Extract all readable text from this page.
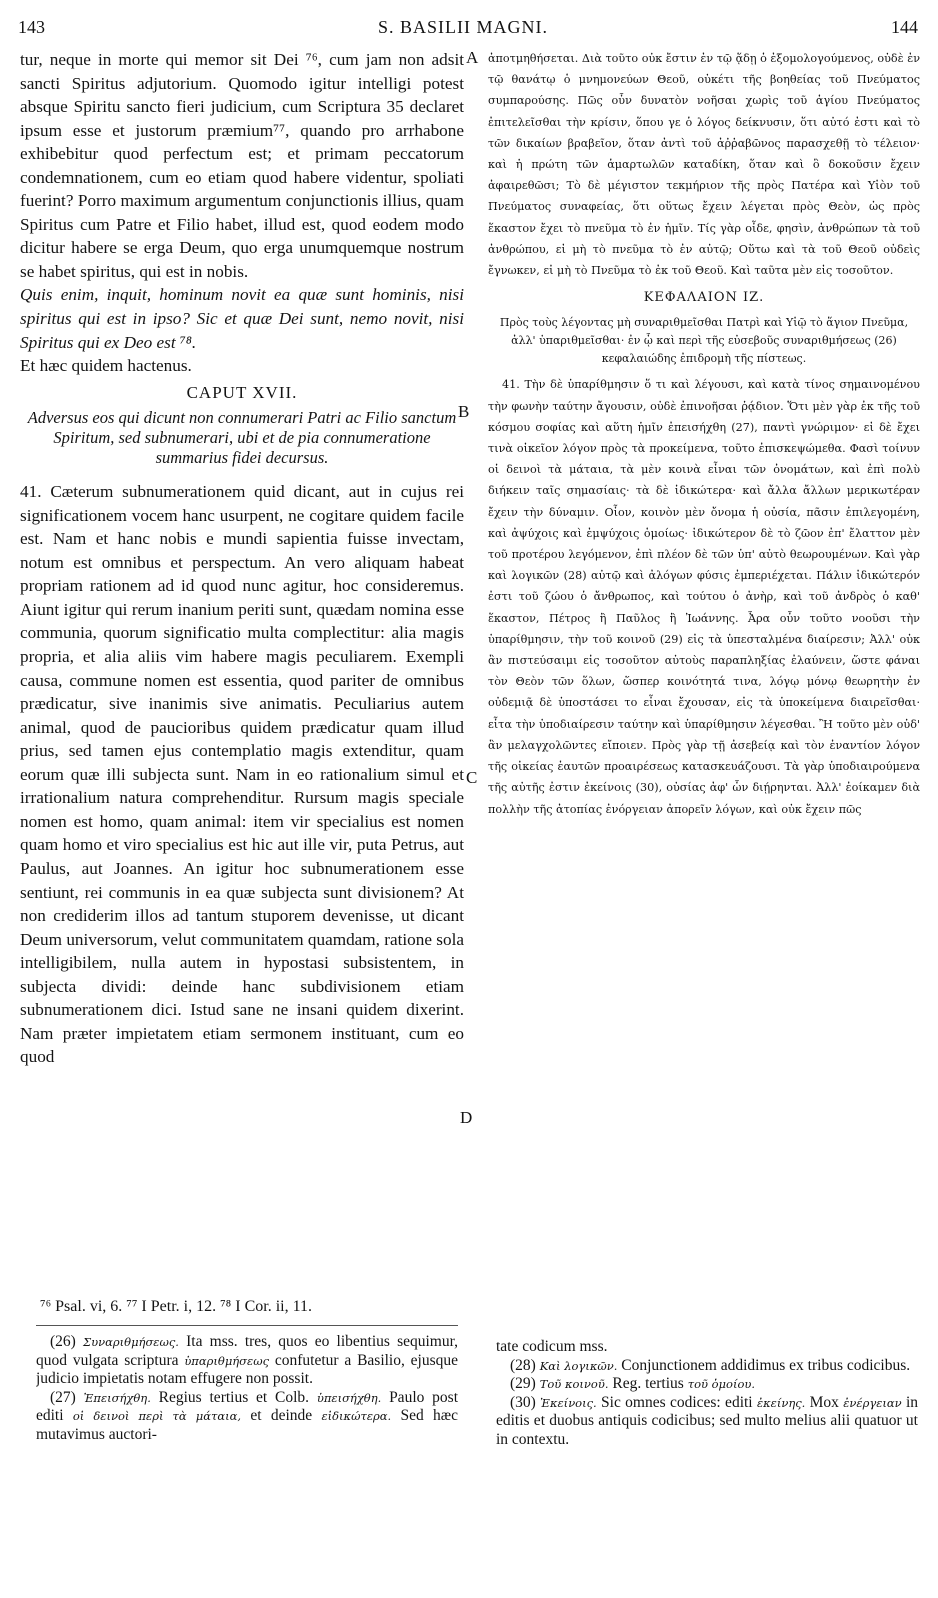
143	S. BASILII MAGNI.	144
A
B
C
D

tur, neque in morte qui memor sit Dei ⁷⁶, cum jam non adsit sancti Spiritus adjutorium. Quomodo igitur intelligi potest absque Spiritu sancto fieri judicium, cum Scriptura 35 declaret ipsum esse et justorum præmium⁷⁷, quando pro arrhabone exhibebitur quod perfectum est; et primam peccatorum condemnationem, cum eo etiam quod habere videntur, spoliati fuerint? Porro maximum argumentum conjunctionis illius, quam Spiritus cum Patre et Filio habet, illud est, quod eodem modo dicitur habere se erga Deum, quo erga unumquemque nostrum se habet spiritus, qui est in nobis.

Quis enim, inquit, hominum novit ea quæ sunt hominis, nisi spiritus qui est in ipso? Sic et quæ Dei sunt, nemo novit, nisi Spiritus qui ex Deo est ⁷⁸.

Et hæc quidem hactenus.

CAPUT XVII.

Adversus eos qui dicunt non connumerari Patri ac Filio sanctum Spiritum, sed subnumerari, ubi et de pia connumeratione summarius fidei decursus.

41. Cæterum subnumerationem quid dicant, aut in cujus rei significationem vocem hanc usurpent, ne cogitare quidem facile est. Nam et hanc nobis e mundi sapientia fuisse invectam, notum est omnibus et perspectum. An vero aliquam habeat propriam rationem ad id quod nunc agitur, hoc consideremus. Aiunt igitur qui rerum inanium periti sunt, quædam nomina esse communia, quorum significatio multa complectitur: alia magis propria, et alia aliis vim habere magis peculiarem. Exempli causa, commune nomen est essentia, quod pariter de omnibus prædicatur, sive inanimis sive animatis. Peculiarius autem animal, quod de paucioribus quidem prædicatur quam illud prius, sed tamen ejus contemplatio magis extenditur, quam eorum quæ illi subjecta sunt. Nam in eo rationalium simul et irrationalium natura comprehenditur. Rursum magis speciale nomen est homo, quam animal: item vir specialius est nomen quam homo et viro specialius est hic aut ille vir, puta Petrus, aut Paulus, aut Joannes. An igitur hoc subnumerationem esse sentiunt, rei communis in ea quæ subjecta sunt divisionem? At non crediderim illos ad tantum stuporem devenisse, ut dicant Deum universorum, velut communitatem quamdam, ratione sola intelligibilem, nulla autem in hypostasi subsistentem, in subjecta dividi: deinde hanc subdivisionem etiam subnumerationem dici. Istud sane ne insani quidem dixerint. Nam præter impietatem etiam sermonem instituant, cum eo quod

ἀποτμηθήσεται. Διὰ τοῦτο οὐκ ἔστιν ἐν τῷ ᾅδῃ ὁ ἐξομολογούμενος, οὐδὲ ἐν τῷ θανάτῳ ὁ μνημονεύων Θεοῦ, οὐκέτι τῆς βοηθείας τοῦ Πνεύματος συμπαρούσης. Πῶς οὖν δυνατὸν νοῆσαι χωρὶς τοῦ ἁγίου Πνεύματος ἐπιτελεῖσθαι τὴν κρίσιν, ὅπου γε ὁ λόγος δείκνυσιν, ὅτι αὐτό ἐστι καὶ τὸ τῶν δικαίων βραβεῖον, ὅταν ἀντὶ τοῦ ἀῤῥαβῶνος παρασχεθῇ τὸ τέλειον· καὶ ἡ πρώτη τῶν ἁμαρτωλῶν καταδίκη, ὅταν καὶ ὃ δοκοῦσιν ἔχειν ἀφαιρεθῶσι; Τὸ δὲ μέγιστον τεκμήριον τῆς πρὸς Πατέρα καὶ Υἱὸν τοῦ Πνεύματος συναφείας, ὅτι οὕτως ἔχειν λέγεται πρὸς Θεὸν, ὡς πρὸς ἕκαστον ἔχει τὸ πνεῦμα τὸ ἐν ἡμῖν. Τίς γὰρ οἶδε, φησὶν, ἀνθρώπων τὰ τοῦ ἀνθρώπου, εἰ μὴ τὸ πνεῦμα τὸ ἐν αὐτῷ; Οὕτω καὶ τὰ τοῦ Θεοῦ οὐδεὶς ἔγνωκεν, εἰ μὴ τὸ Πνεῦμα τὸ ἐκ τοῦ Θεοῦ. Καὶ ταῦτα μὲν εἰς τοσοῦτον.

ΚΕΦΑΛΑΙΟΝ ΙΖ.

Πρὸς τοὺς λέγοντας μὴ συναριθμεῖσθαι Πατρὶ καὶ Υἱῷ τὸ ἅγιον Πνεῦμα, ἀλλ' ὑπαριθμεῖσθαι· ἐν ᾧ καὶ περὶ τῆς εὐσεβοῦς συναριθμήσεως (26) κεφαλαιώδης ἐπιδρομὴ τῆς πίστεως.

41. Τὴν δὲ ὑπαρίθμησιν ὅ τι καὶ λέγουσι, καὶ κατὰ τίνος σημαινομένου τὴν φωνὴν ταύτην ἄγουσιν, οὐδὲ ἐπινοῆσαι ῥᾴδιον. Ὅτι μὲν γὰρ ἐκ τῆς τοῦ κόσμου σοφίας καὶ αὕτη ἡμῖν ἐπεισήχθη (27), παντὶ γνώριμον· εἰ δὲ ἔχει τινὰ οἰκεῖον λόγον πρὸς τὰ προκείμενα, τοῦτο ἐπισκεψώμεθα. Φασὶ τοίνυν οἱ δεινοὶ τὰ μάταια, τὰ μὲν κοινὰ εἶναι τῶν ὀνομάτων, καὶ ἐπὶ πολὺ διήκειν ταῖς σημασίαις· τὰ δὲ ἰδικώτερα· καὶ ἄλλα ἄλλων μερικωτέραν ἔχειν τὴν δύναμιν. Οἷον, κοινὸν μὲν ὄνομα ἡ οὐσία, πᾶσιν ἐπιλεγομένη, καὶ ἀψύχοις καὶ ἐμψύχοις ὁμοίως· ἰδικώτερον δὲ τὸ ζῶον ἐπ' ἔλαττον μὲν τοῦ προτέρου λεγόμενον, ἐπὶ πλέον δὲ τῶν ὑπ' αὐτὸ θεωρουμένων. Καὶ γὰρ καὶ λογικῶν (28) αὐτῷ καὶ ἀλόγων φύσις ἐμπεριέχεται. Πάλιν ἰδικώτερόν ἐστι τοῦ ζώου ὁ ἄνθρωπος, καὶ τούτου ὁ ἀνὴρ, καὶ τοῦ ἀνδρὸς ὁ καθ' ἕκαστον, Πέτρος ἢ Παῦλος ἢ Ἰωάννης. Ἆρα οὖν τοῦτο νοοῦσι τὴν ὑπαρίθμησιν, τὴν τοῦ κοινοῦ (29) εἰς τὰ ὑπεσταλμένα διαίρεσιν; Ἀλλ' οὐκ ἂν πιστεύσαιμι εἰς τοσοῦτον αὐτοὺς παραπληξίας ἐλαύνειν, ὥστε φάναι τὸν Θεὸν τῶν ὅλων, ὥσπερ κοινότητά τινα, λόγῳ μόνῳ θεωρητὴν ἐν οὐδεμιᾷ δὲ ὑποστάσει το εἶναι ἔχουσαν, εἰς τὰ ὑποκείμενα διαιρεῖσθαι· εἶτα τὴν ὑποδιαίρεσιν ταύτην καὶ ὑπαρίθμησιν λέγεσθαι. Ἢ τοῦτο μὲν οὐδ' ἂν μελαγχολῶντες εἴποιεν. Πρὸς γὰρ τῇ ἀσεβείᾳ καὶ τὸν ἐναντίον λόγον τῆς οἰκείας ἑαυτῶν προαιρέσεως κατασκευάζουσι. Τὰ γὰρ ὑποδιαιρούμενα τῆς αὐτῆς ἐστιν ἐκείνοις (30), οὐσίας ἀφ' ὧν διῄρηνται. Ἀλλ' ἐοίκαμεν διὰ πολλὴν τῆς ἀτοπίας ἐνόργειαν ἀπορεῖν λόγων, καὶ οὐκ ἔχειν πῶς

⁷⁶ Psal. vi, 6. ⁷⁷ I Petr. i, 12. ⁷⁸ I Cor. ii, 11.

(26) Συναριθμήσεως. Ita mss. tres, quos eo libentius sequimur, quod vulgata scriptura ὑπαριθμήσεως confutetur a Basilio, ejusque judicio impietatis notam effugere non possit.

(27) Ἐπεισήχθη. Regius tertius et Colb. ὑπεισήχθη. Paulo post editi οἱ δεινοὶ περὶ τὰ μάταια, et deinde εἰδικώτερα. Sed hæc mutavimus auctori-

tate codicum mss.

(28) Καὶ λογικῶν. Conjunctionem addidimus ex tribus codicibus.

(29) Τοῦ κοινοῦ. Reg. tertius τοῦ ὁμοίου.

(30) Ἐκείνοις. Sic omnes codices: editi ἐκείνης. Mox ἐνέργειαν in editis et duobus antiquis codicibus; sed multo melius alii quatuor ut in contextu.
